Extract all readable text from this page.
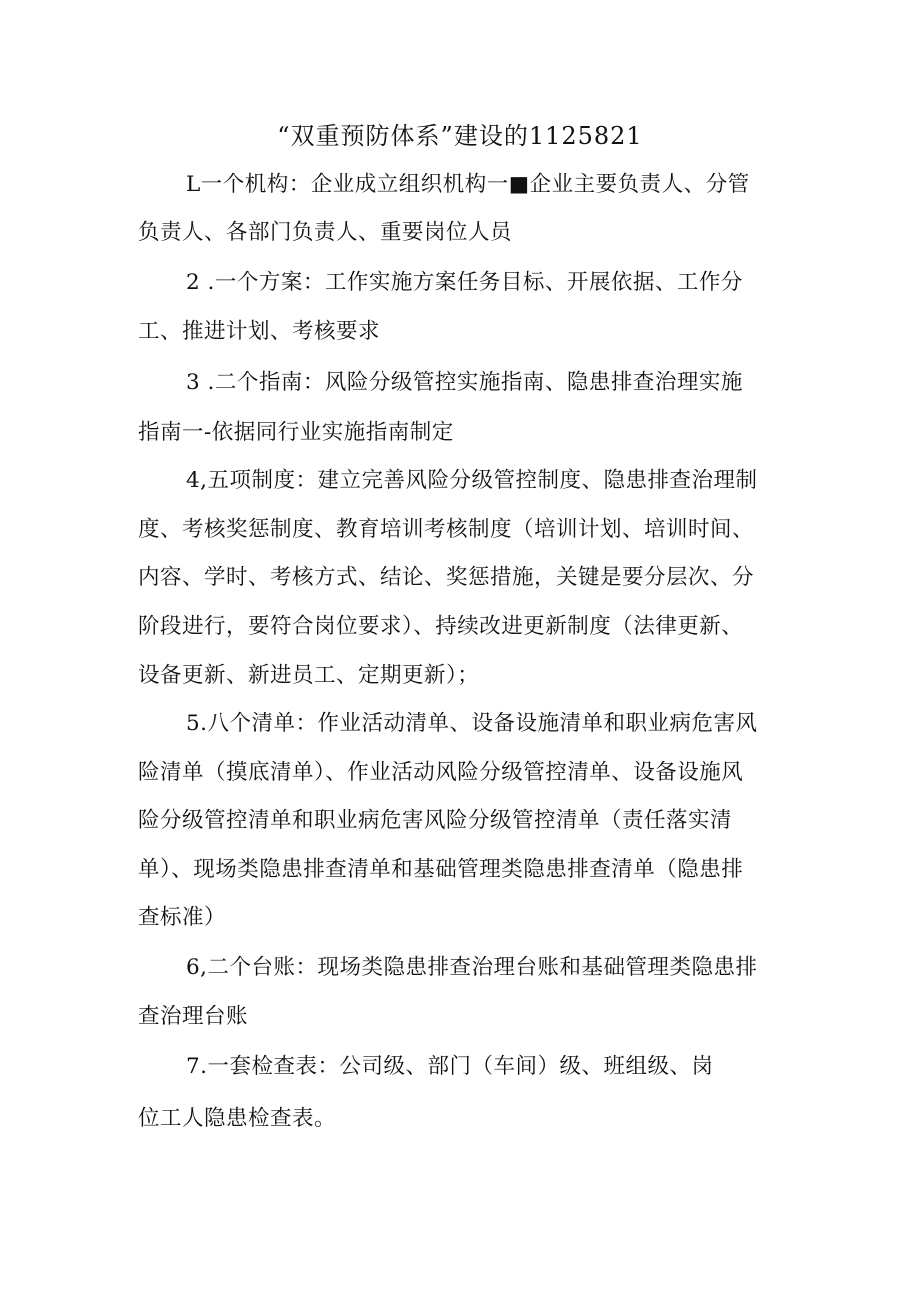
“双重预防体系”建设的1125821
L一个机构：企业成立组织机构一■企业主要负责人、分管
负责人、各部门负责人、重要岗位人员
2 .一个方案：工作实施方案任务目标、开展依据、工作分
工、推进计划、考核要求
3 .二个指南：风险分级管控实施指南、隐患排查治理实施
指南一-依据同行业实施指南制定
4,五项制度：建立完善风险分级管控制度、隐患排查治理制
度、考核奖惩制度、教育培训考核制度（培训计划、培训时间、
内容、学时、考核方式、结论、奖惩措施，关键是要分层次、分
阶段进行，要符合岗位要求）、持续改进更新制度（法律更新、
设备更新、新进员工、定期更新）；
5.八个清单：作业活动清单、设备设施清单和职业病危害风
险清单（摸底清单）、作业活动风险分级管控清单、设备设施风
险分级管控清单和职业病危害风险分级管控清单（责任落实清
单）、现场类隐患排查清单和基础管理类隐患排查清单（隐患排
查标准）
6,二个台账：现场类隐患排查治理台账和基础管理类隐患排
查治理台账
7.一套检查表：公司级、部门（车间）级、班组级、岗
位工人隐患检查表。
